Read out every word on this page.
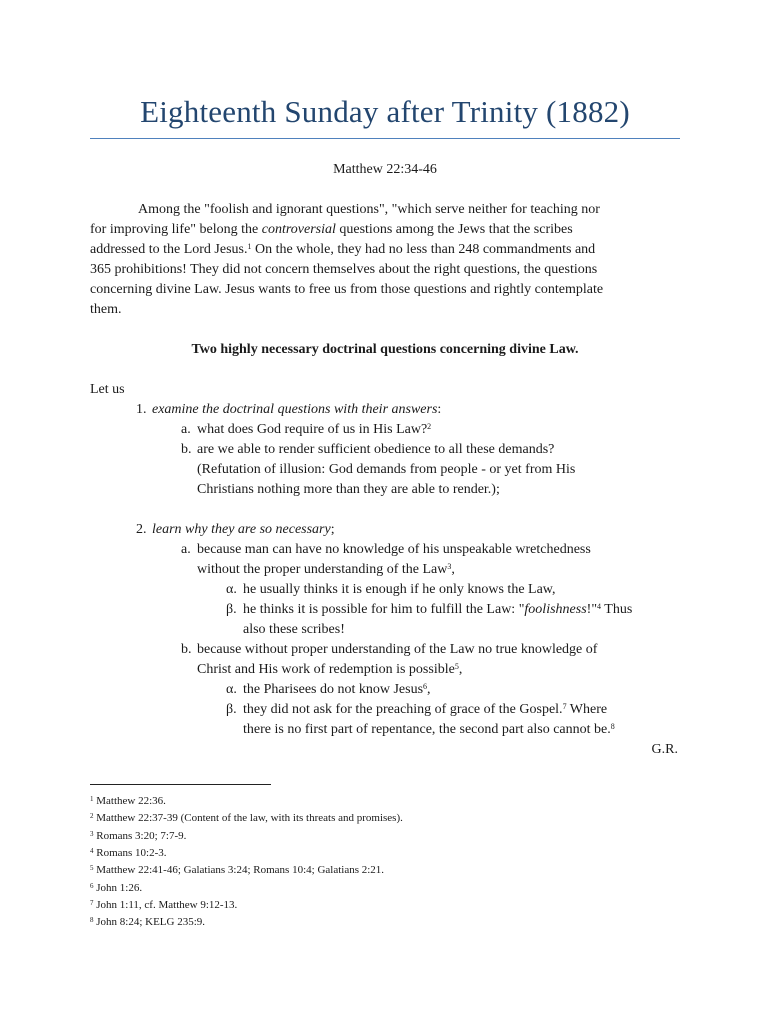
Eighteenth Sunday after Trinity (1882)
Matthew 22:34-46
Among the "foolish and ignorant questions", "which serve neither for teaching nor
for improving life" belong the controversial questions among the Jews that the scribes
addressed to the Lord Jesus.$^1$ On the whole, they had no less than 248 commandments and
365 prohibitions! They did not concern themselves about the right questions, the questions
concerning divine Law. Jesus wants to free us from those questions and rightly contemplate
them.
Two highly necessary doctrinal questions concerning divine Law.
Let us
1. examine the doctrinal questions with their answers:
a. what does God require of us in His Law?$^2$
b. are we able to render sufficient obedience to all these demands?
(Refutation of illusion: God demands from people - or yet from His
Christians nothing more than they are able to render.);
2. learn why they are so necessary;
a. because man can have no knowledge of his unspeakable wretchedness
without the proper understanding of the Law$^3$,
α. he usually thinks it is enough if he only knows the Law,
β. he thinks it is possible for him to fulfill the Law: "foolishness!"$^4$ Thus
also these scribes!
b. because without proper understanding of the Law no true knowledge of
Christ and His work of redemption is possible$^5$,
α. the Pharisees do not know Jesus$^6$,
β. they did not ask for the preaching of grace of the Gospel.$^7$ Where
there is no first part of repentance, the second part also cannot be.$^8$
G.R.
$^1$ Matthew 22:36.
$^2$ Matthew 22:37-39 (Content of the law, with its threats and promises).
$^3$ Romans 3:20; 7:7-9.
$^4$ Romans 10:2-3.
$^5$ Matthew 22:41-46; Galatians 3:24; Romans 10:4; Galatians 2:21.
$^6$ John 1:26.
$^7$ John 1:11, cf. Matthew 9:12-13.
$^8$ John 8:24; KELG 235:9.
